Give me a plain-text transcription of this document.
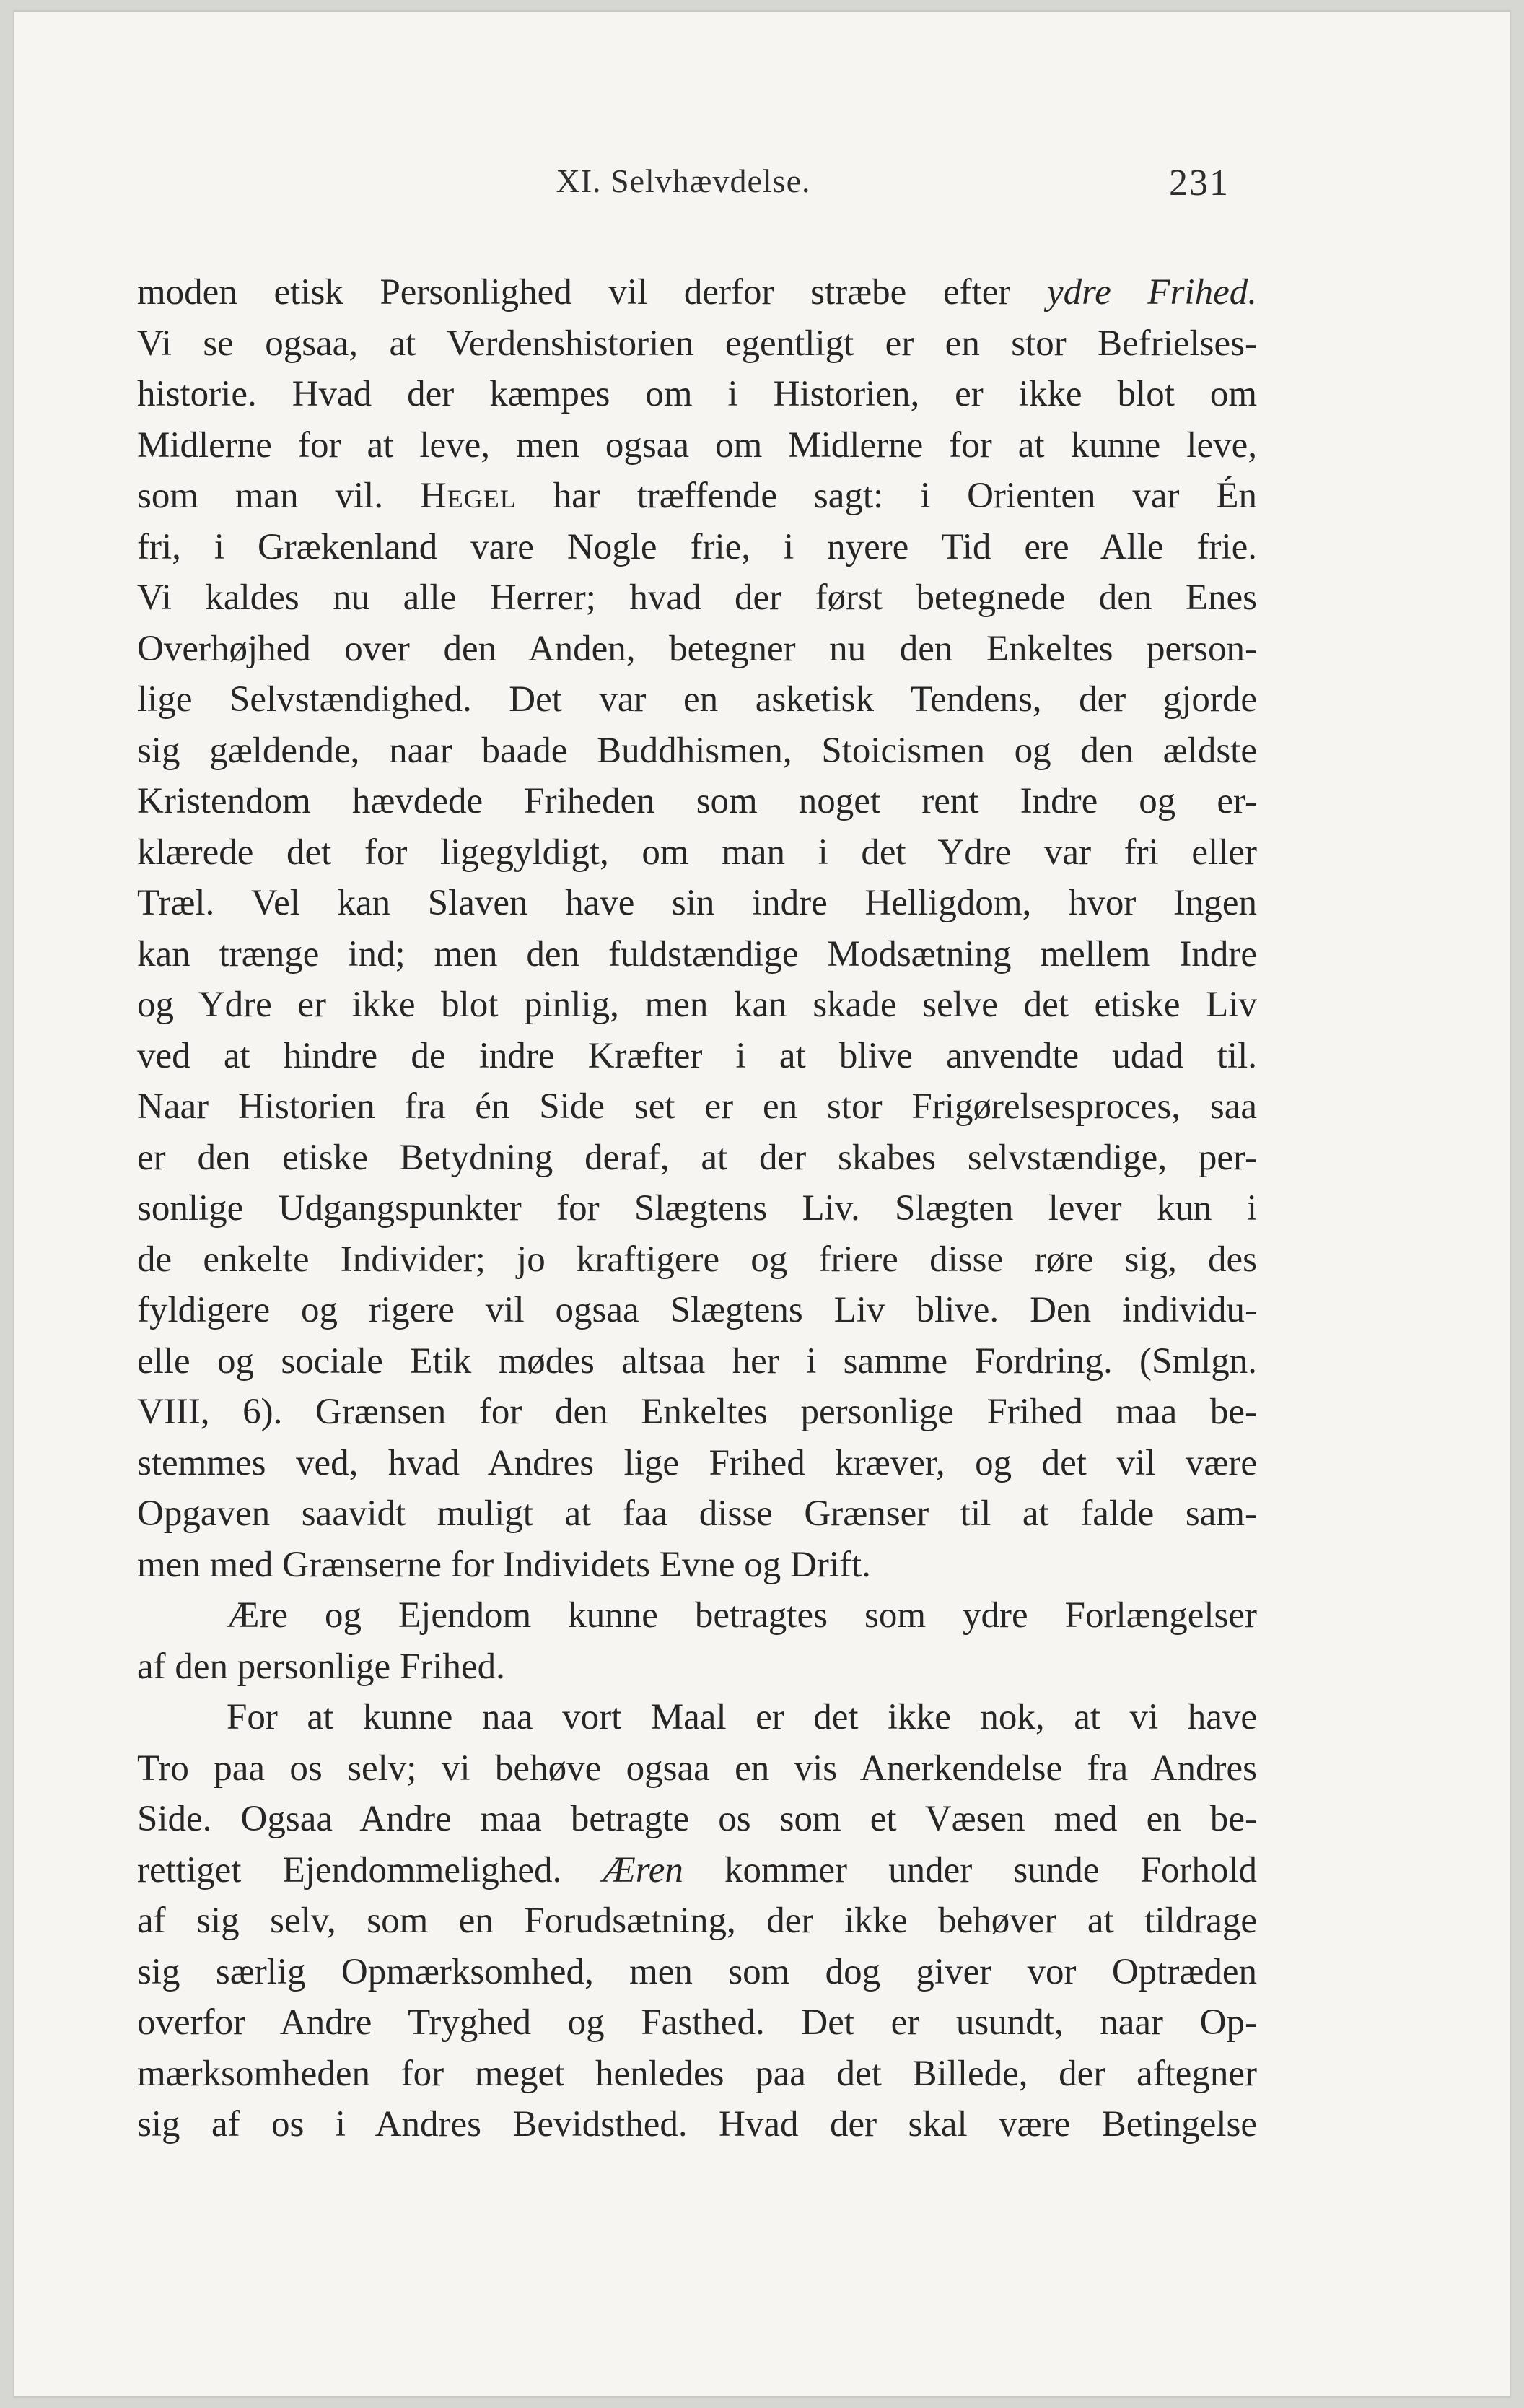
XI. Selvhævdelse.	231
moden etisk Personlighed vil derfor stræbe efter ydre Frihed.
Vi se ogsaa, at Verdenshistorien egentligt er en stor Befrielses-
historie. Hvad der kæmpes om i Historien, er ikke blot om
Midlerne for at leve, men ogsaa om Midlerne for at kunne leve,
som man vil. Hegel har træffende sagt: i Orienten var Én
fri, i Grækenland vare Nogle frie, i nyere Tid ere Alle frie.
Vi kaldes nu alle Herrer; hvad der først betegnede den Enes
Overhøjhed over den Anden, betegner nu den Enkeltes person-
lige Selvstændighed. Det var en asketisk Tendens, der gjorde
sig gældende, naar baade Buddhismen, Stoicismen og den ældste
Kristendom hævdede Friheden som noget rent Indre og er-
klærede det for ligegyldigt, om man i det Ydre var fri eller
Træl. Vel kan Slaven have sin indre Helligdom, hvor Ingen
kan trænge ind; men den fuldstændige Modsætning mellem Indre
og Ydre er ikke blot pinlig, men kan skade selve det etiske Liv
ved at hindre de indre Kræfter i at blive anvendte udad til.
Naar Historien fra én Side set er en stor Frigørelsesproces, saa
er den etiske Betydning deraf, at der skabes selvstændige, per-
sonlige Udgangspunkter for Slægtens Liv. Slægten lever kun i
de enkelte Individer; jo kraftigere og friere disse røre sig, des
fyldigere og rigere vil ogsaa Slægtens Liv blive. Den individu-
elle og sociale Etik mødes altsaa her i samme Fordring. (Smlgn.
VIII, 6). Grænsen for den Enkeltes personlige Frihed maa be-
stemmes ved, hvad Andres lige Frihed kræver, og det vil være
Opgaven saavidt muligt at faa disse Grænser til at falde sam-
men med Grænserne for Individets Evne og Drift.
Ære og Ejendom kunne betragtes som ydre Forlængelser
af den personlige Frihed.
For at kunne naa vort Maal er det ikke nok, at vi have
Tro paa os selv; vi behøve ogsaa en vis Anerkendelse fra Andres
Side. Ogsaa Andre maa betragte os som et Væsen med en be-
rettiget Ejendommelighed. Æren kommer under sunde Forhold
af sig selv, som en Forudsætning, der ikke behøver at tildrage
sig særlig Opmærksomhed, men som dog giver vor Optræden
overfor Andre Tryghed og Fasthed. Det er usundt, naar Op-
mærksomheden for meget henledes paa det Billede, der aftegner
sig af os i Andres Bevidsthed. Hvad der skal være Betingelse
